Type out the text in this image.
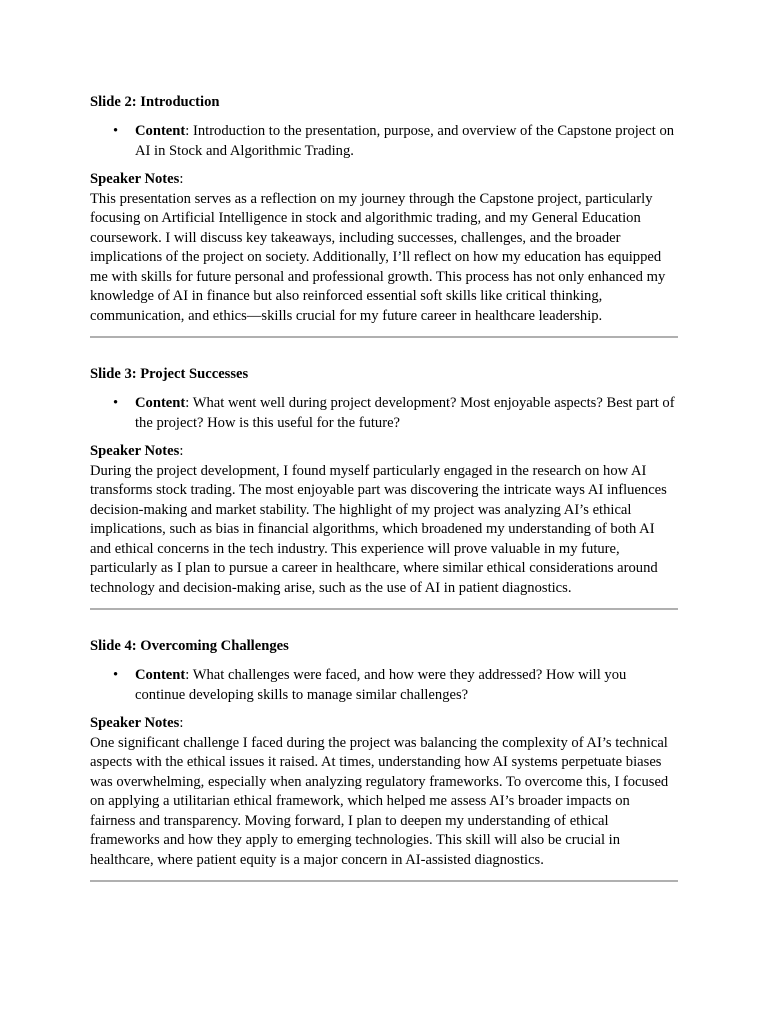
Slide 2: Introduction
• Content: Introduction to the presentation, purpose, and overview of the Capstone project on AI in Stock and Algorithmic Trading.
Speaker Notes:
This presentation serves as a reflection on my journey through the Capstone project, particularly focusing on Artificial Intelligence in stock and algorithmic trading, and my General Education coursework. I will discuss key takeaways, including successes, challenges, and the broader implications of the project on society. Additionally, I’ll reflect on how my education has equipped me with skills for future personal and professional growth. This process has not only enhanced my knowledge of AI in finance but also reinforced essential soft skills like critical thinking, communication, and ethics—skills crucial for my future career in healthcare leadership.
Slide 3: Project Successes
• Content: What went well during project development? Most enjoyable aspects? Best part of the project? How is this useful for the future?
Speaker Notes:
During the project development, I found myself particularly engaged in the research on how AI transforms stock trading. The most enjoyable part was discovering the intricate ways AI influences decision-making and market stability. The highlight of my project was analyzing AI’s ethical implications, such as bias in financial algorithms, which broadened my understanding of both AI and ethical concerns in the tech industry. This experience will prove valuable in my future, particularly as I plan to pursue a career in healthcare, where similar ethical considerations around technology and decision-making arise, such as the use of AI in patient diagnostics.
Slide 4: Overcoming Challenges
• Content: What challenges were faced, and how were they addressed? How will you continue developing skills to manage similar challenges?
Speaker Notes:
One significant challenge I faced during the project was balancing the complexity of AI’s technical aspects with the ethical issues it raised. At times, understanding how AI systems perpetuate biases was overwhelming, especially when analyzing regulatory frameworks. To overcome this, I focused on applying a utilitarian ethical framework, which helped me assess AI’s broader impacts on fairness and transparency. Moving forward, I plan to deepen my understanding of ethical frameworks and how they apply to emerging technologies. This skill will also be crucial in healthcare, where patient equity is a major concern in AI-assisted diagnostics.
